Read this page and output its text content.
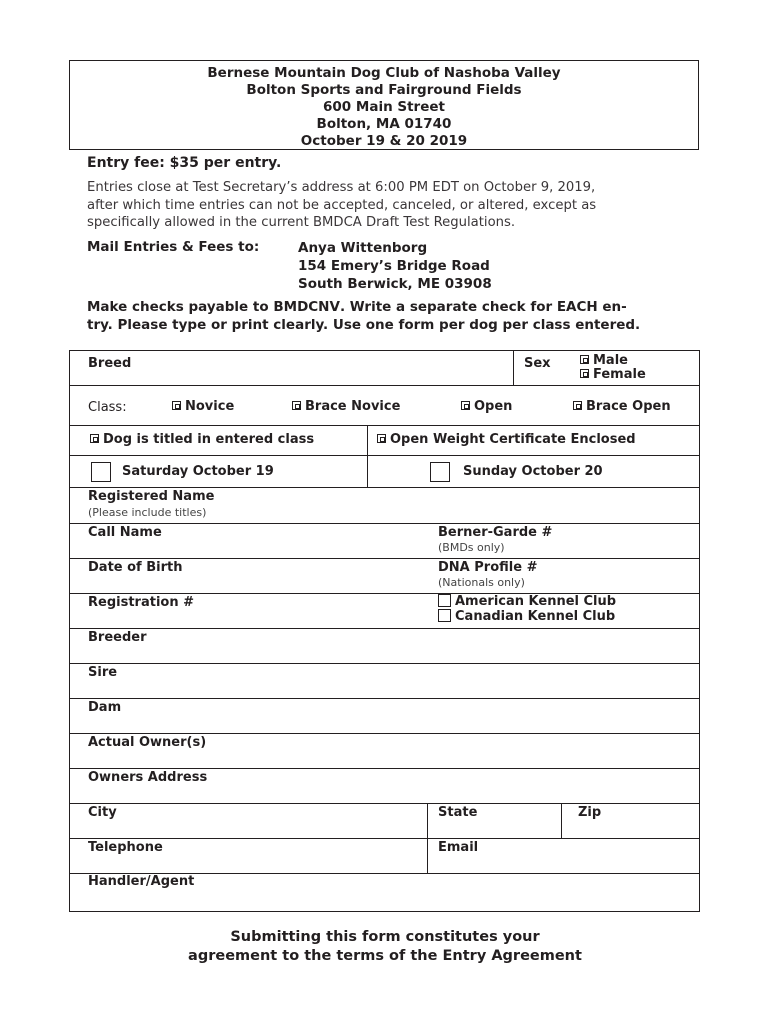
Bernese Mountain Dog Club of Nashoba Valley
Bolton Sports and Fairground Fields
600 Main Street
Bolton, MA 01740
October 19 & 20 2019
Entry fee: $35 per entry.
Entries close at Test Secretary’s address at 6:00 PM EDT on October 9, 2019,
after which time entries can not be accepted, canceled, or altered, except as
specifically allowed in the current BMDCA Draft Test Regulations.
Mail Entries & Fees to:	Anya Wittenborg
154 Emery’s Bridge Road
South Berwick, ME 03908
Make checks payable to BMDCNV. Write a separate check for EACH en-
try. Please type or print clearly. Use one form per dog per class entered.
Breed	Sex	Male
Female
Class:	Novice	Brace Novice	Open	Brace Open
Dog is titled in entered class	Open Weight Certificate Enclosed
Saturday October 19	Sunday October 20
Registered Name
(Please include titles)
Call Name	Berner-Garde #
(BMDs only)
Date of Birth	DNA Profile #
(Nationals only)
Registration #	American Kennel Club
Canadian Kennel Club
Breeder
Sire
Dam
Actual Owner(s)
Owners Address
City	State	Zip
Telephone	Email
Handler/Agent
Submitting this form constitutes your
agreement to the terms of the Entry Agreement
